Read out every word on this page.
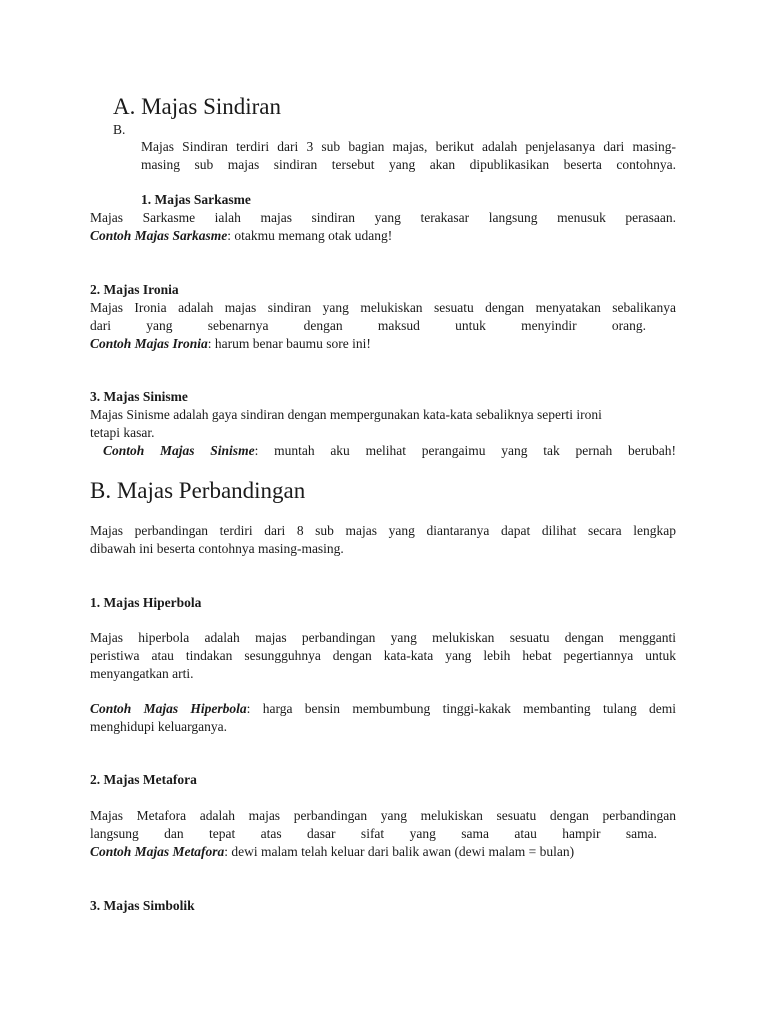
A. Majas Sindiran
B.
Majas Sindiran terdiri dari 3 sub bagian majas, berikut adalah penjelasanya dari masing-
masing sub majas sindiran tersebut yang akan dipublikasikan beserta contohnya.
1. Majas Sarkasme
Majas Sarkasme ialah majas sindiran yang terakasar langsung menusuk perasaan.
Contoh Majas Sarkasme: otakmu memang otak udang!
2. Majas Ironia
Majas Ironia adalah majas sindiran yang melukiskan sesuatu dengan menyatakan sebalikanya
dari yang sebenarnya dengan maksud untuk menyindir orang.
Contoh Majas Ironia: harum benar baumu sore ini!
3. Majas Sinisme
Majas Sinisme adalah gaya sindiran dengan mempergunakan kata-kata sebaliknya seperti ironi
tetapi kasar.
Contoh Majas Sinisme: muntah aku melihat perangaimu yang tak pernah berubah!
B. Majas Perbandingan
Majas perbandingan terdiri dari 8 sub majas yang diantaranya dapat dilihat secara lengkap
dibawah ini beserta contohnya masing-masing.
1. Majas Hiperbola
Majas hiperbola adalah majas perbandingan yang melukiskan sesuatu dengan mengganti
peristiwa atau tindakan sesungguhnya dengan kata-kata yang lebih hebat pegertiannya untuk
menyangatkan arti.
Contoh Majas Hiperbola: harga bensin membumbung tinggi-kakak membanting tulang demi
menghidupi keluarganya.
2. Majas Metafora
Majas Metafora adalah majas perbandingan yang melukiskan sesuatu dengan perbandingan
langsung dan tepat atas dasar sifat yang sama atau hampir sama.
Contoh Majas Metafora: dewi malam telah keluar dari balik awan (dewi malam = bulan)
3. Majas Simbolik
